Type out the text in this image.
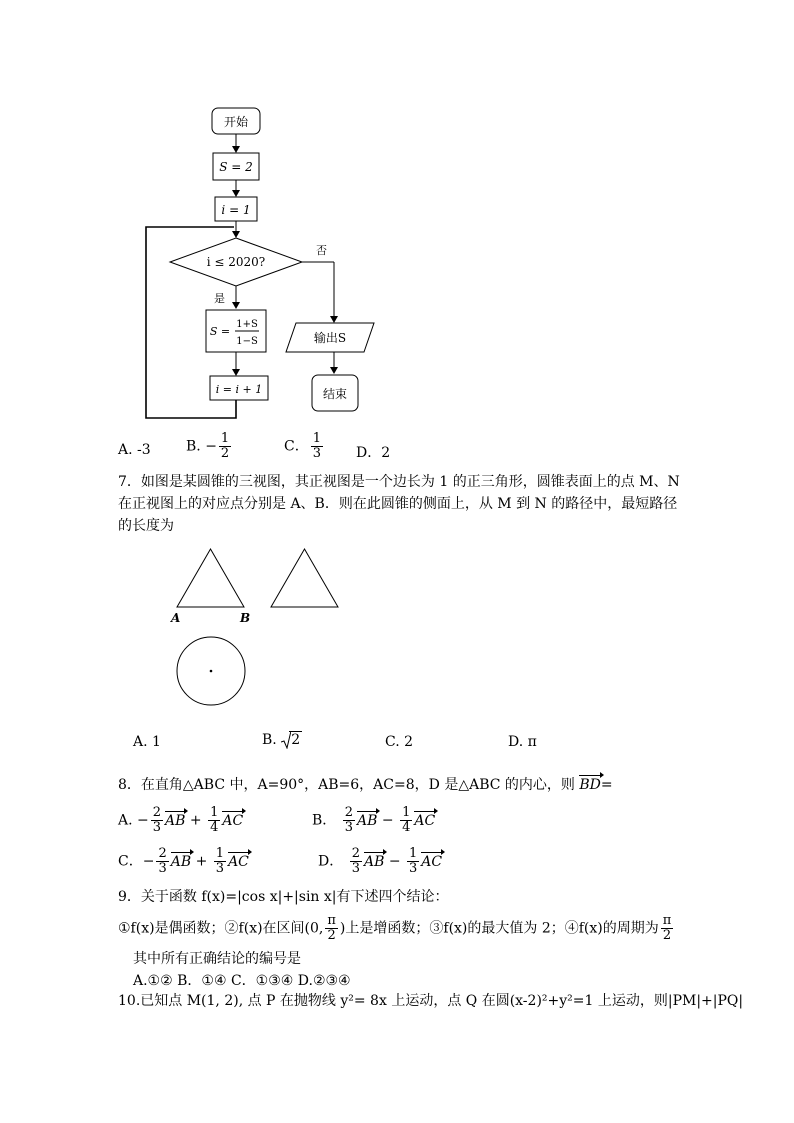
开始
S = 2
i = 1
i ≤ 2020?
否
是
S =
1+S
1−S
i = i + 1
输出S
结束
A. -3	B. − $\frac{1}{2}$	C． $\frac{1}{3}$ D．2
7．如图是某圆锥的三视图，其正视图是一个边长为 1 的正三角形，圆锥表面上的点 M、N
在正视图上的对应点分别是 A、B．则在此圆锥的侧面上，从 M 到 N 的路径中，最短路径
的长度为
A	B
A. 1	B. 2	C. 2	D. π
8．在直角△ABC 中，A=90°，AB=6，AC=8，D 是△ABC 的内心，则 BD=
A. − $\frac{2}{3}$ AB + $\frac{1}{4}$ AC	B． $\frac{2}{3}$ AB − $\frac{1}{4}$ AC
C．− $\frac{2}{3}$ AB + $\frac{1}{3}$ AC	D． $\frac{2}{3}$ AB − $\frac{1}{3}$ AC
9．关于函数 f(x)=|cos x|+|sin x|有下述四个结论：
①f(x)是偶函数；②f(x)在区间(0, $\frac{\pi}{2}$ )上是增函数；③f(x)的最大值为 2；④f(x)的周期为 $\frac{\pi}{2}$
其中所有正确结论的编号是
A.①② B．①④ C．①③④ D.②③④
10.已知点 M(1, 2), 点 P 在抛物线 y²= 8x 上运动，点 Q 在圆(x-2)²+y²=1 上运动，则|PM|+|PQ|
